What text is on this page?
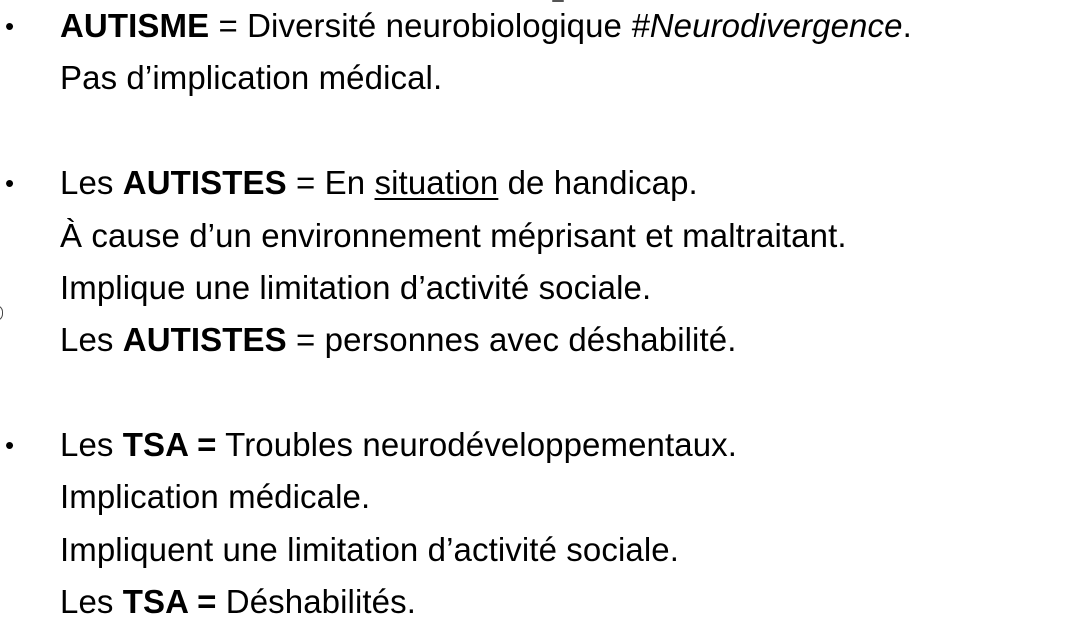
• AUTISME = Diversité neurobiologique #Neurodivergence.
Pas d’implication médical.
• Les AUTISTES = En situation de handicap.
À cause d’un environnement méprisant et maltraitant.
Implique une limitation d’activité sociale.
Les AUTISTES = personnes avec déshabilité.
• Les TSA = Troubles neurodéveloppementaux.
Implication médicale.
Impliquent une limitation d’activité sociale.
Les TSA = Déshabilités.
